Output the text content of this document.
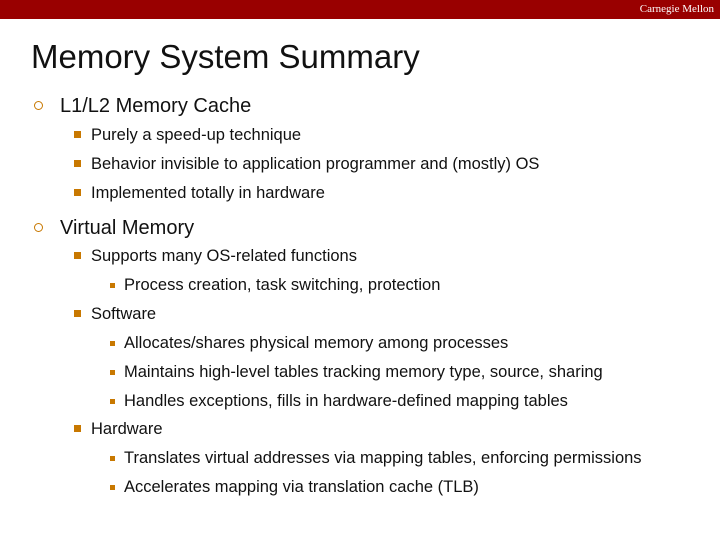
Carnegie Mellon
Memory System Summary
L1/L2 Memory Cache
Purely a speed-up technique
Behavior invisible to application programmer and (mostly) OS
Implemented totally in hardware
Virtual Memory
Supports many OS-related functions
Process creation, task switching, protection
Software
Allocates/shares physical memory among processes
Maintains high-level tables tracking memory type, source, sharing
Handles exceptions, fills in hardware-defined mapping tables
Hardware
Translates virtual addresses via mapping tables, enforcing permissions
Accelerates mapping via translation cache (TLB)
